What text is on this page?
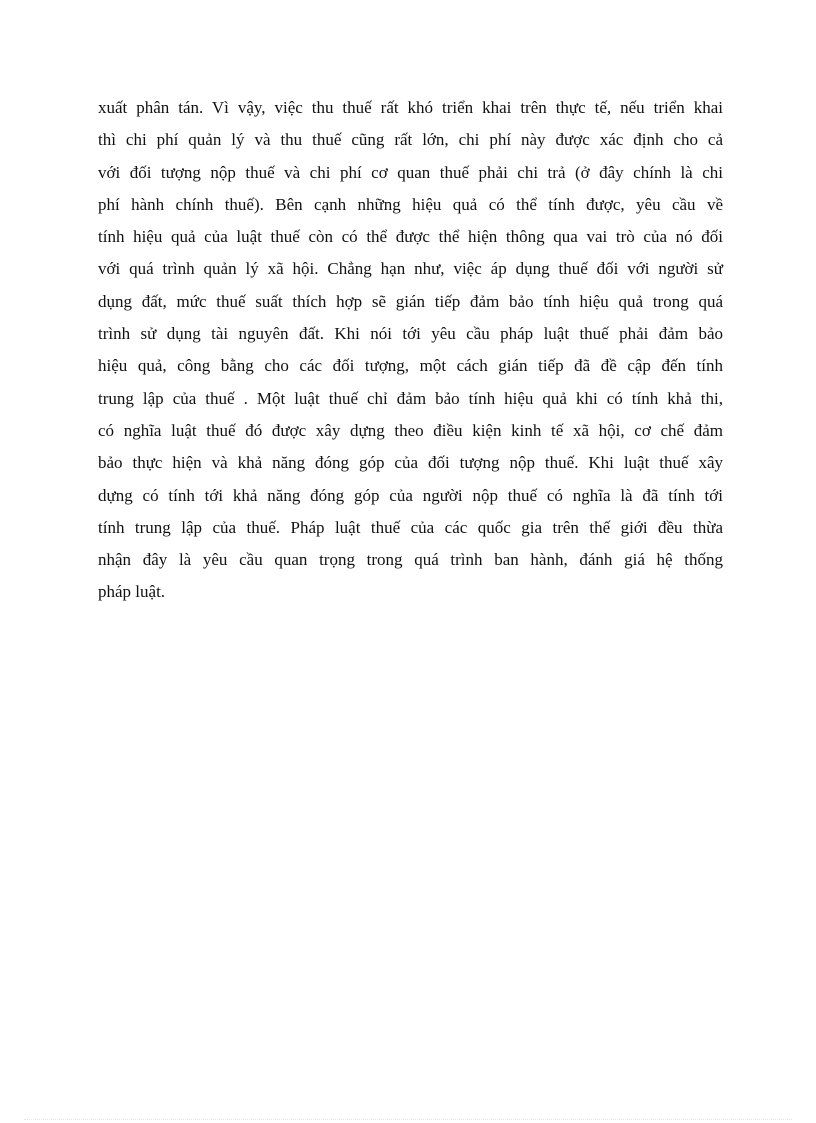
xuất phân tán. Vì vậy, việc thu thuế rất khó triển khai trên thực tế, nếu triển khai
thì chi phí quản lý và thu thuế cũng rất lớn, chi phí này được xác định cho cả
với đối tượng nộp thuế và chi phí cơ quan thuế phải chi trả (ở đây chính là chi
phí hành chính thuế). Bên cạnh những hiệu quả có thể tính được, yêu cầu về
tính hiệu quả của luật thuế còn có thể được thể hiện thông qua vai trò của nó đối
với quá trình quản lý xã hội. Chẳng hạn như, việc áp dụng thuế đối với người sử
dụng đất, mức thuế suất thích hợp sẽ gián tiếp đảm bảo tính hiệu quả trong quá
trình sử dụng tài nguyên đất. Khi nói tới yêu cầu pháp luật thuế phải đảm bảo
hiệu quả, công bằng cho các đối tượng, một cách gián tiếp đã đề cập đến tính
trung lập của thuế . Một luật thuế chỉ đảm bảo tính hiệu quả khi có tính khả thi,
có nghĩa luật thuế đó được xây dựng theo điều kiện kinh tế xã hội, cơ chế đảm
bảo thực hiện và khả năng đóng góp của đối tượng nộp thuế. Khi luật thuế xây
dựng có tính tới khả năng đóng góp của người nộp thuế có nghĩa là đã tính tới
tính trung lập của thuế. Pháp luật thuế của các quốc gia trên thế giới đều thừa
nhận đây là yêu cầu quan trọng trong quá trình ban hành, đánh giá hệ thống
pháp luật.
